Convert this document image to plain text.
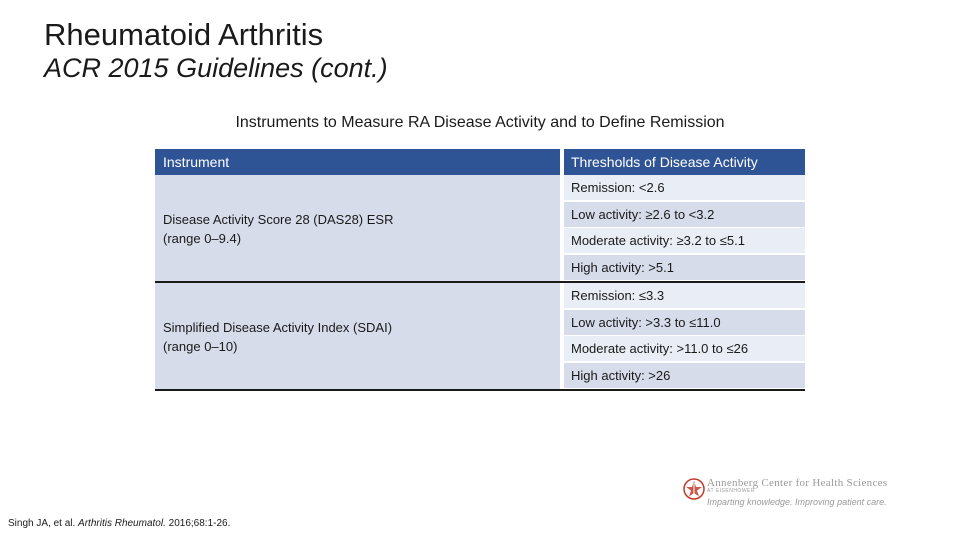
Rheumatoid Arthritis
ACR 2015 Guidelines (cont.)
Instruments to Measure RA Disease Activity and to Define Remission
Instrument	Thresholds of Disease Activity
Disease Activity Score 28 (DAS28) ESR
(range 0–9.4)
Remission: <2.6
Low activity: ≥2.6 to <3.2
Moderate activity: ≥3.2 to ≤5.1
High activity: >5.1
Simplified Disease Activity Index (SDAI)
(range 0–10)
Remission: ≤3.3
Low activity: >3.3 to ≤11.0
Moderate activity: >11.0 to ≤26
High activity: >26
Annenberg Center for Health Sciences
AT EISENHOWER
Imparting knowledge. Improving patient care.
Singh JA, et al. Arthritis Rheumatol. 2016;68:1-26.
